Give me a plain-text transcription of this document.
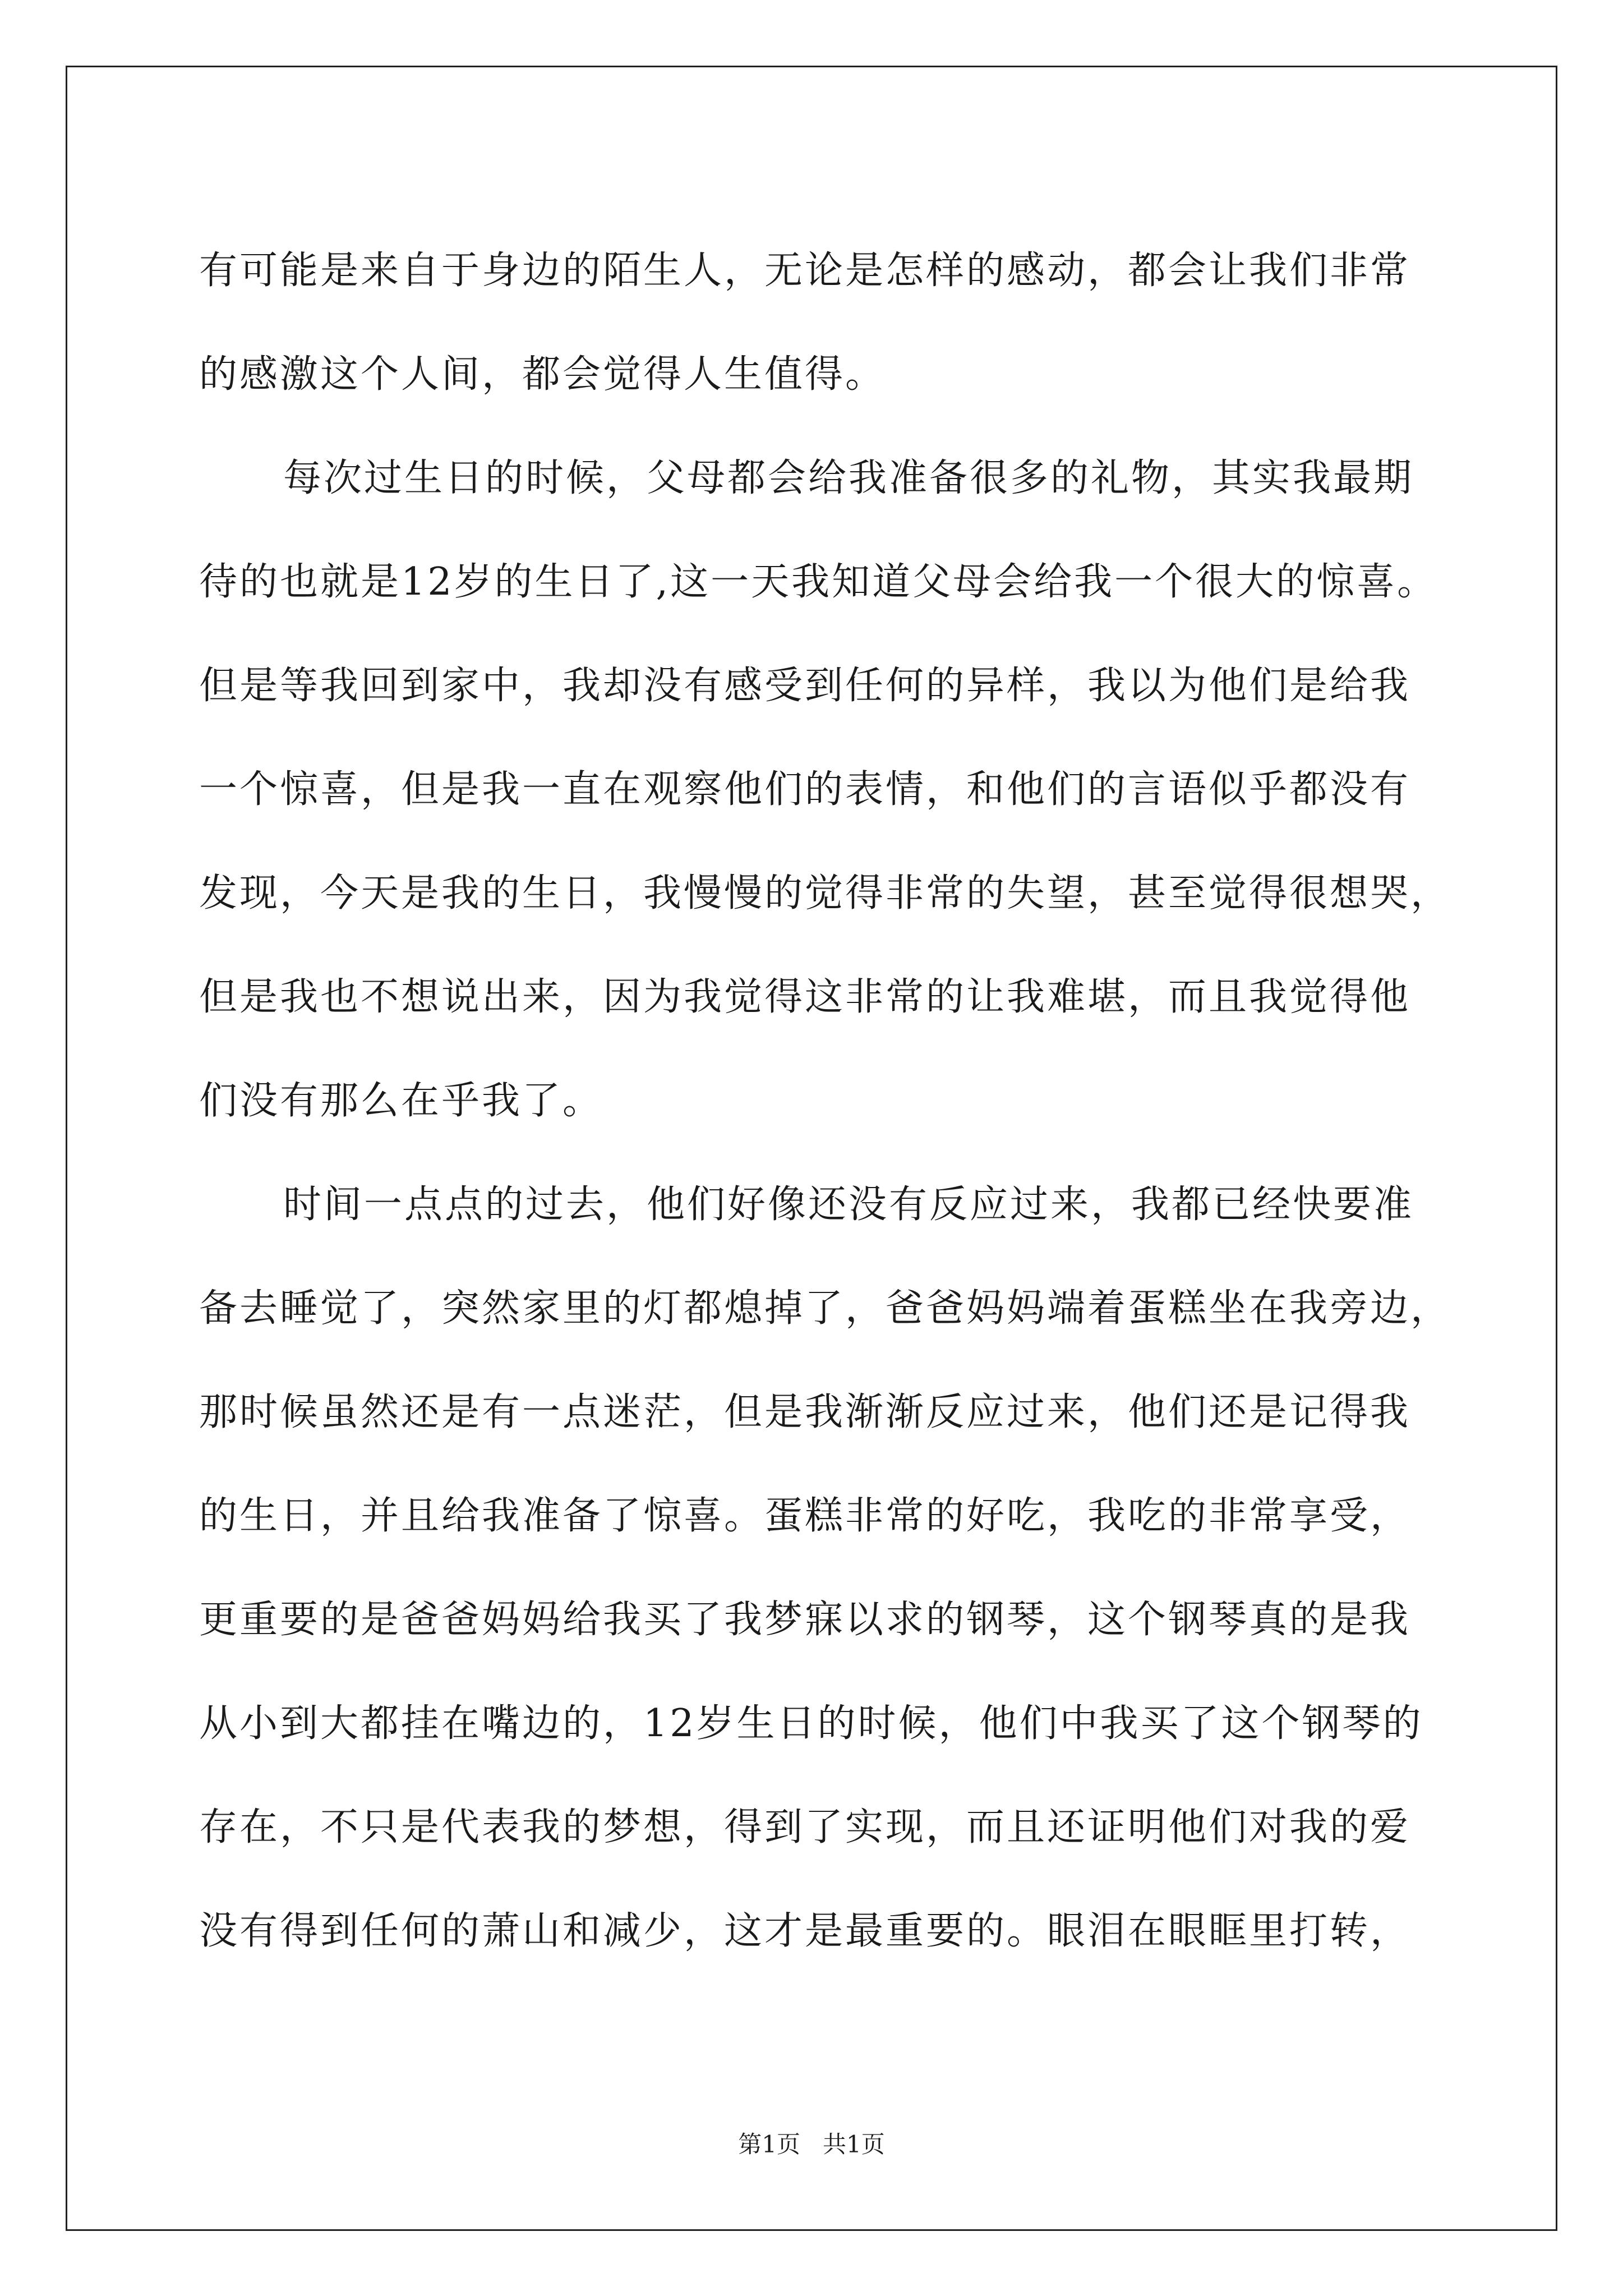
有可能是来自于身边的陌生人，无论是怎样的感动，都会让我们非常
的感激这个人间，都会觉得人生值得。
每次过生日的时候，父母都会给我准备很多的礼物，其实我最期
待的也就是12岁的生日了,这一天我知道父母会给我一个很大的惊喜。
但是等我回到家中，我却没有感受到任何的异样，我以为他们是给我
一个惊喜，但是我一直在观察他们的表情，和他们的言语似乎都没有
发现，今天是我的生日，我慢慢的觉得非常的失望，甚至觉得很想哭，
但是我也不想说出来，因为我觉得这非常的让我难堪，而且我觉得他
们没有那么在乎我了。
时间一点点的过去，他们好像还没有反应过来，我都已经快要准
备去睡觉了，突然家里的灯都熄掉了，爸爸妈妈端着蛋糕坐在我旁边，
那时候虽然还是有一点迷茫，但是我渐渐反应过来，他们还是记得我
的生日，并且给我准备了惊喜。蛋糕非常的好吃，我吃的非常享受，
更重要的是爸爸妈妈给我买了我梦寐以求的钢琴，这个钢琴真的是我
从小到大都挂在嘴边的，12岁生日的时候，他们中我买了这个钢琴的
存在，不只是代表我的梦想，得到了实现，而且还证明他们对我的爱
没有得到任何的萧山和减少，这才是最重要的。眼泪在眼眶里打转，
第1页   共1页
